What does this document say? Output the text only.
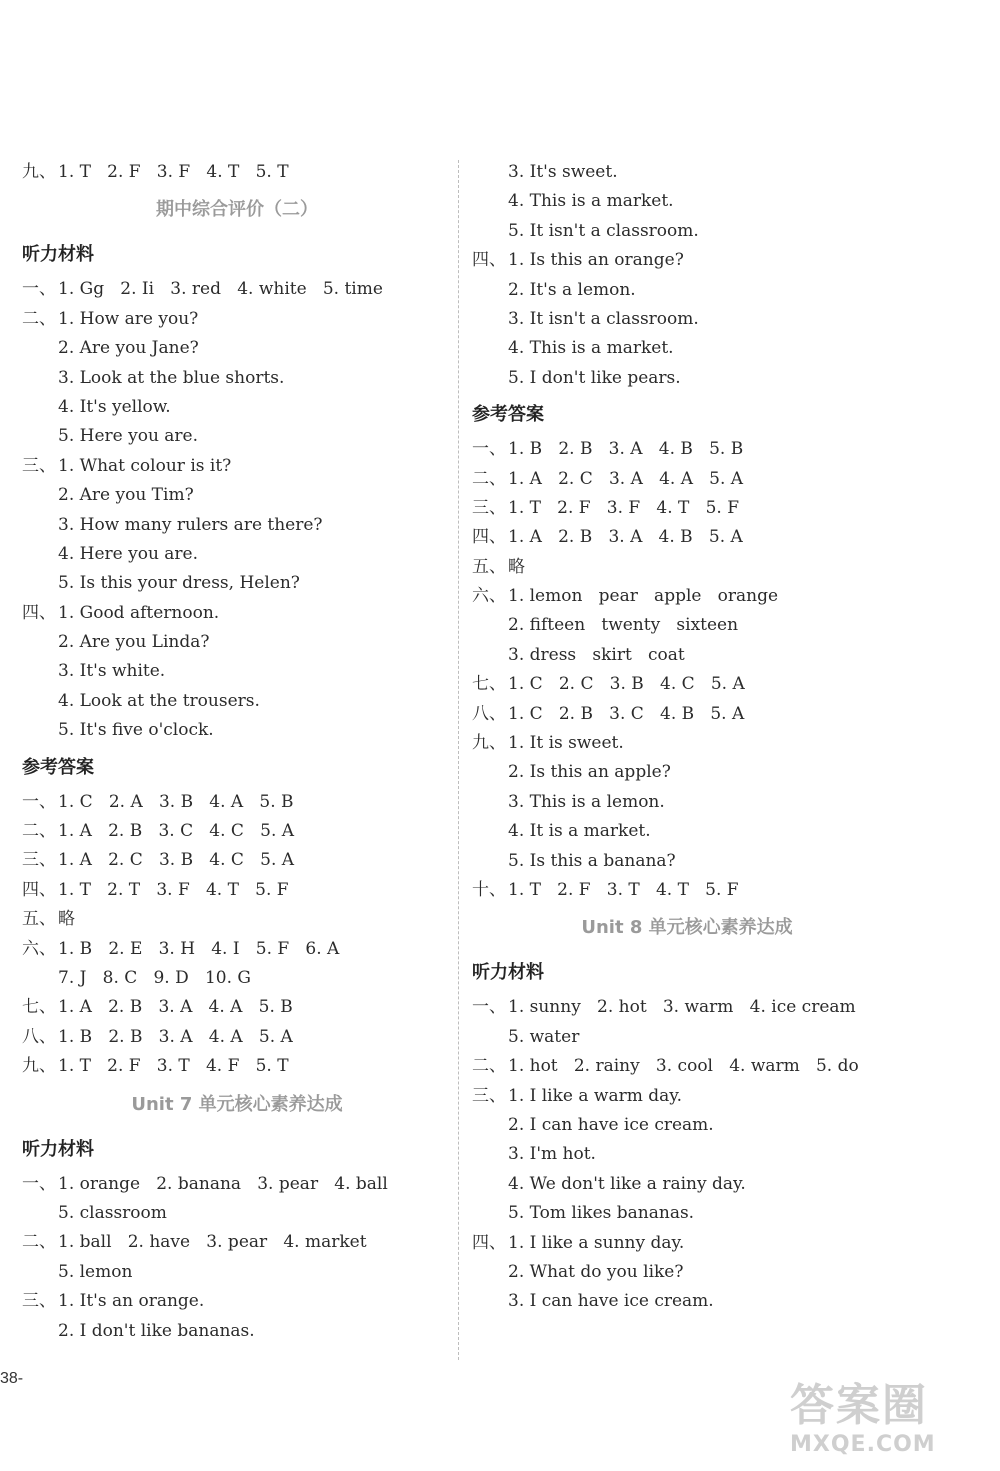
九、 1. T   2. F   3. F   4. T   5. T
期中综合评价（二）
听力材料
一、 1. Gg   2. Ii   3. red   4. white   5. time
二、 1. How are you?
2. Are you Jane?
3. Look at the blue shorts.
4. It's yellow.
5. Here you are.
三、 1. What colour is it?
2. Are you Tim?
3. How many rulers are there?
4. Here you are.
5. Is this your dress, Helen?
四、 1. Good afternoon.
2. Are you Linda?
3. It's white.
4. Look at the trousers.
5. It's five o'clock.
参考答案
一、 1. C   2. A   3. B   4. A   5. B
二、 1. A   2. B   3. C   4. C   5. A
三、 1. A   2. C   3. B   4. C   5. A
四、 1. T   2. T   3. F   4. T   5. F
五、 略
六、 1. B   2. E   3. H   4. I   5. F   6. A
7. J   8. C   9. D   10. G
七、 1. A   2. B   3. A   4. A   5. B
八、 1. B   2. B   3. A   4. A   5. A
九、 1. T   2. F   3. T   4. F   5. T
Unit 7 单元核心素养达成
听力材料
一、 1. orange   2. banana   3. pear   4. ball
5. classroom
二、 1. ball   2. have   3. pear   4. market
5. lemon
三、 1. It's an orange.
2. I don't like bananas.
3. It's sweet.
4. This is a market.
5. It isn't a classroom.
四、 1. Is this an orange?
2. It's a lemon.
3. It isn't a classroom.
4. This is a market.
5. I don't like pears.
参考答案
一、 1. B   2. B   3. A   4. B   5. B
二、 1. A   2. C   3. A   4. A   5. A
三、 1. T   2. F   3. F   4. T   5. F
四、 1. A   2. B   3. A   4. B   5. A
五、 略
六、 1. lemon   pear   apple   orange
2. fifteen   twenty   sixteen
3. dress   skirt   coat
七、 1. C   2. C   3. B   4. C   5. A
八、 1. C   2. B   3. C   4. B   5. A
九、 1. It is sweet.
2. Is this an apple?
3. This is a lemon.
4. It is a market.
5. Is this a banana?
十、 1. T   2. F   3. T   4. T   5. F
Unit 8 单元核心素养达成
听力材料
一、 1. sunny   2. hot   3. warm   4. ice cream
5. water
二、 1. hot   2. rainy   3. cool   4. warm   5. do
三、 1. I like a warm day.
2. I can have ice cream.
3. I'm hot.
4. We don't like a rainy day.
5. Tom likes bananas.
四、 1. I like a sunny day.
2. What do you like?
3. I can have ice cream.
38-
答案圈
MXQE.COM
